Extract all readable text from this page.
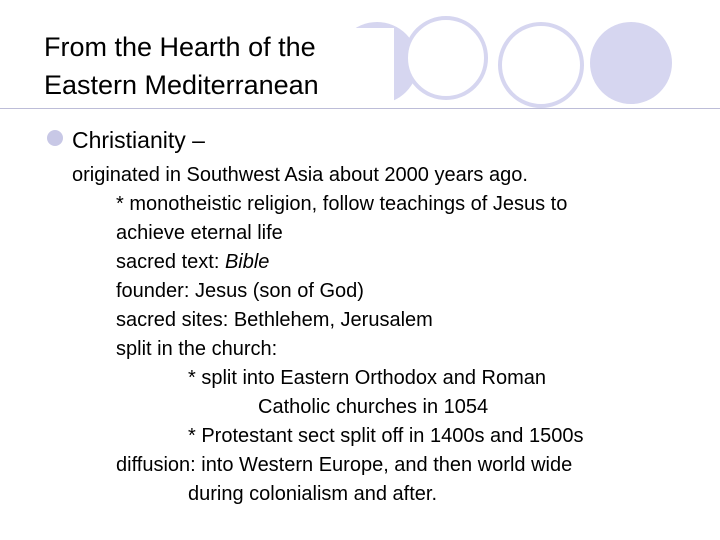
From the Hearth of the
Eastern Mediterranean
Christianity –
originated in Southwest Asia about 2000 years ago.
* monotheistic religion, follow teachings of Jesus to
achieve eternal life
sacred text: Bible
founder: Jesus (son of God)
sacred sites: Bethlehem, Jerusalem
split in the church:
* split into Eastern Orthodox and Roman
Catholic churches in 1054
* Protestant sect split off in 1400s and 1500s
diffusion: into Western Europe, and then world wide
during colonialism and after.
